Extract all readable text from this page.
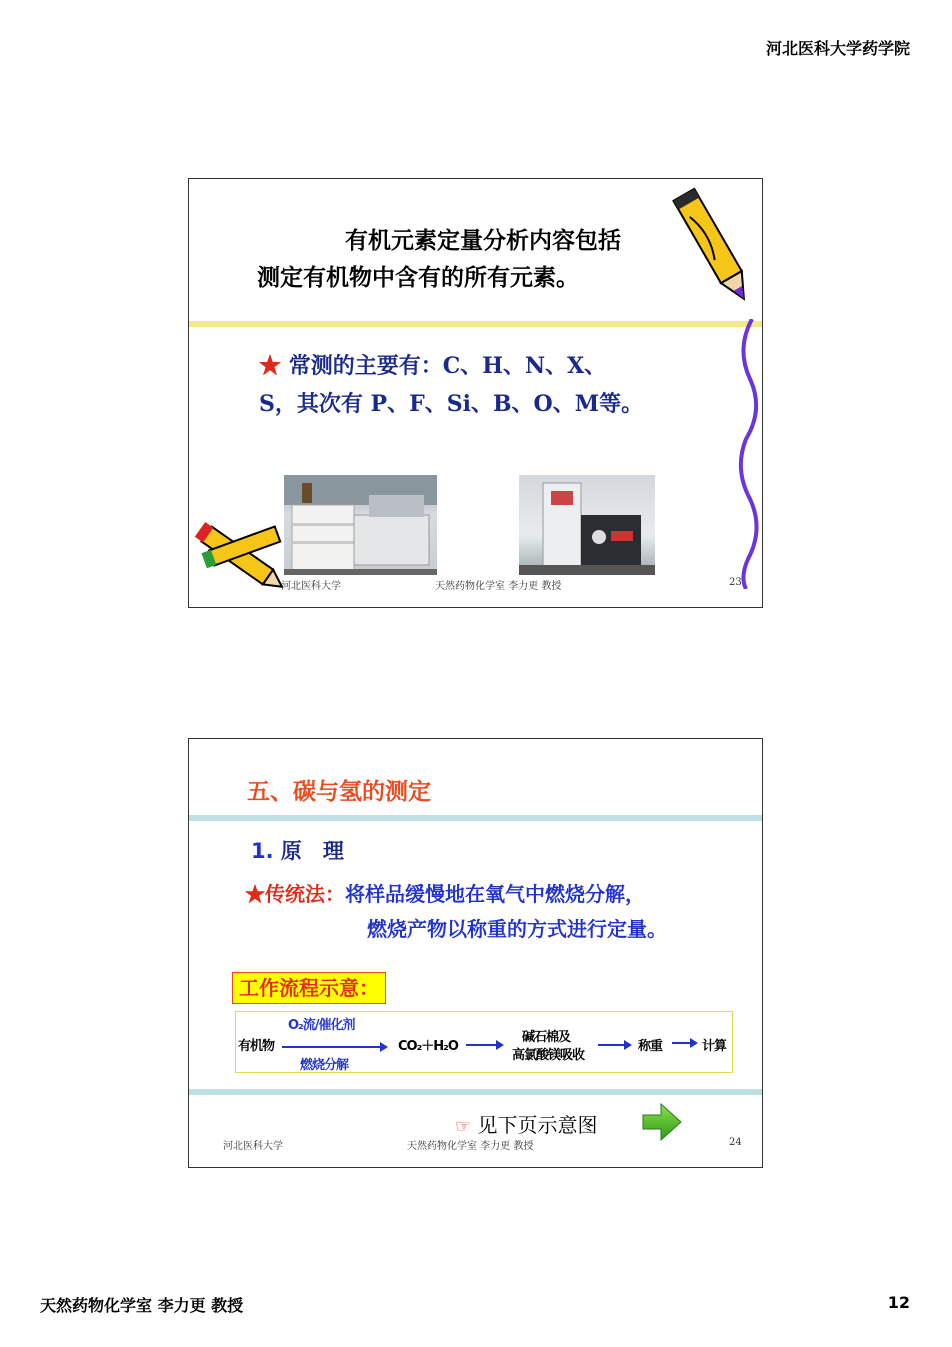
河北医科大学药学院
有机元素定量分析内容包括
测定有机物中含有的所有元素。
★ 常测的主要有：C、H、N、X、
S，其次有 P、F、Si、B、O、M等。
河北医科大学	天然药物化学室 李力更 教授	23
五、碳与氢的测定
1. 原　理
★传统法：将样品缓慢地在氧气中燃烧分解，
燃烧产物以称重的方式进行定量。
工作流程示意：
有机物
O₂流/催化剂
燃烧分解
CO₂＋H₂O
碱石棉及
高氯酸镁吸收
称重	计算
☞ 见下页示意图
河北医科大学	天然药物化学室 李力更 教授	24
天然药物化学室 李力更 教授	12
